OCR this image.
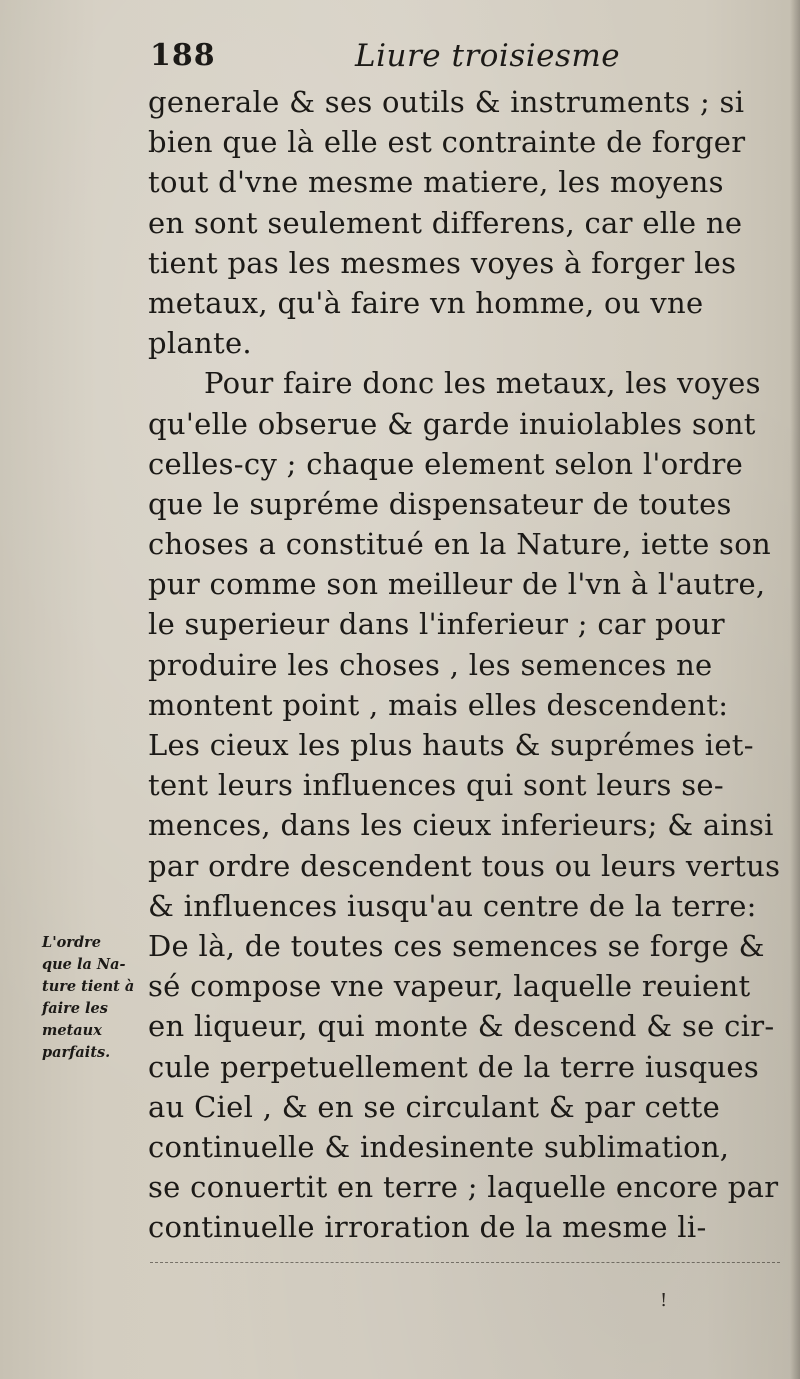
188	Liure troisiesme
generale & ses outils & instruments ; si
bien que là elle est contrainte de forger
tout d'vne mesme matiere, les moyens
en sont seulement differens, car elle ne
tient pas les mesmes voyes à forger les
metaux, qu'à faire vn homme, ou vne
plante.
Pour faire donc les metaux, les voyes
qu'elle obserue & garde inuiolables sont
celles-cy ; chaque element selon l'ordre
que le supréme dispensateur de toutes
choses a constitué en la Nature, iette son
pur comme son meilleur de l'vn à l'autre,
le superieur dans l'inferieur ; car pour
produire les choses , les semences ne
montent point , mais elles descendent:
Les cieux les plus hauts & suprémes iet-
tent leurs influences qui sont leurs se-
mences, dans les cieux inferieurs; & ainsi
par ordre descendent tous ou leurs vertus
& influences iusqu'au centre de la terre:
De là, de toutes ces semences se forge &
sé compose vne vapeur, laquelle reuient
en liqueur, qui monte & descend & se cir-
cule perpetuellement de la terre iusques
au Ciel , & en se circulant & par cette
continuelle & indesinente sublimation,
se conuertit en terre ; laquelle encore par
continuelle irroration de la mesme li-
L'ordre
que la Na-
ture tient à
faire les
metaux
parfaits.
!
